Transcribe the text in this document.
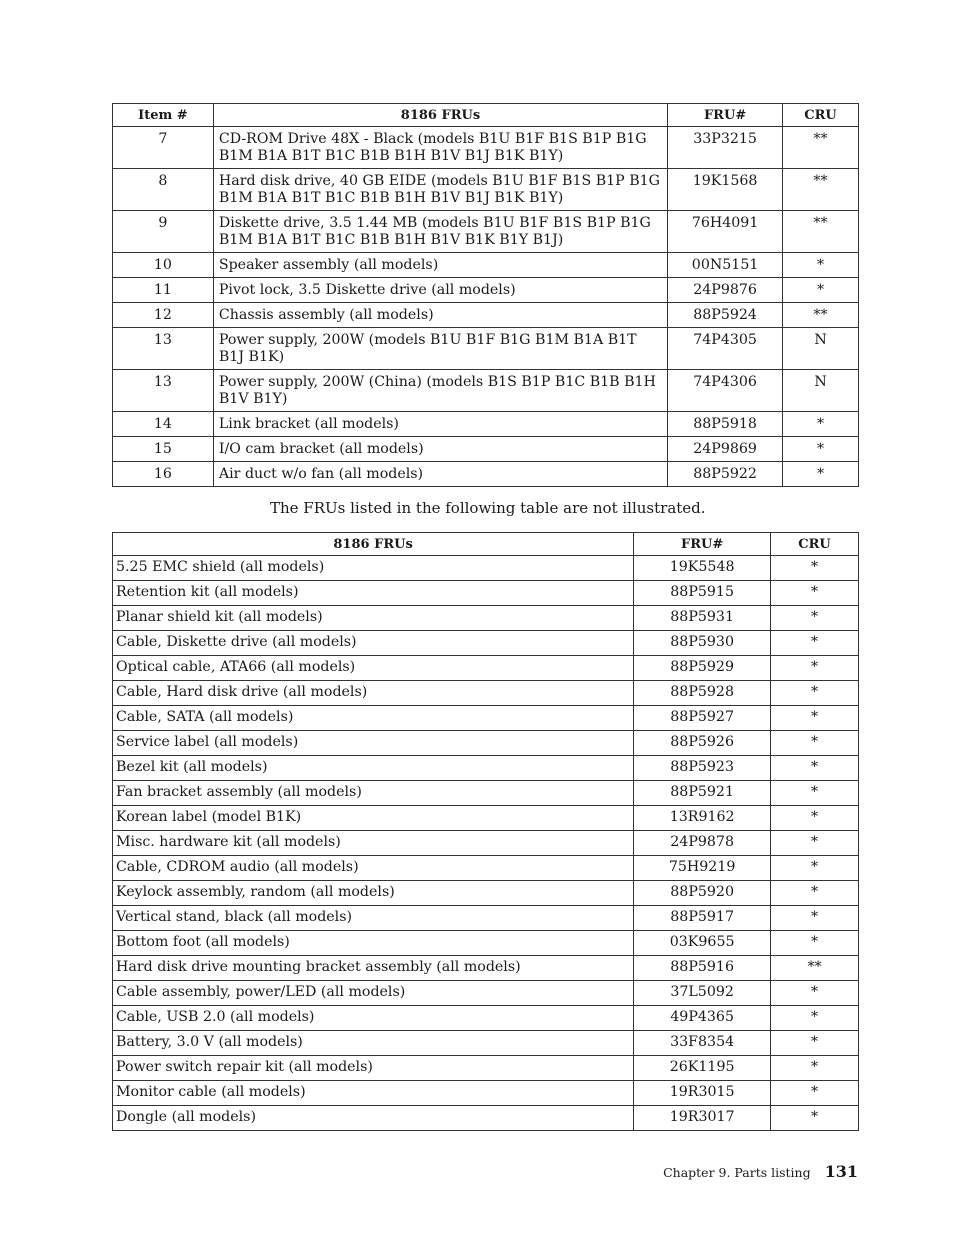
Item #	8186 FRUs	FRU#	CRU
7	CD-ROM Drive 48X - Black (models B1U B1F B1S B1P B1G B1M B1A B1T B1C B1B B1H B1V B1J B1K B1Y)	33P3215	**
8	Hard disk drive, 40 GB EIDE (models B1U B1F B1S B1P B1G B1M B1A B1T B1C B1B B1H B1V B1J B1K B1Y)	19K1568	**
9	Diskette drive, 3.5 1.44 MB (models B1U B1F B1S B1P B1G B1M B1A B1T B1C B1B B1H B1V B1K B1Y B1J)	76H4091	**
10	Speaker assembly (all models)	00N5151	*
11	Pivot lock, 3.5 Diskette drive (all models)	24P9876	*
12	Chassis assembly (all models)	88P5924	**
13	Power supply, 200W (models B1U B1F B1G B1M B1A B1T B1J B1K)	74P4305	N
13	Power supply, 200W (China) (models B1S B1P B1C B1B B1H B1V B1Y)	74P4306	N
14	Link bracket (all models)	88P5918	*
15	I/O cam bracket (all models)	24P9869	*
16	Air duct w/o fan (all models)	88P5922	*
The FRUs listed in the following table are not illustrated.
8186 FRUs	FRU#	CRU
5.25 EMC shield (all models)	19K5548	*
Retention kit (all models)	88P5915	*
Planar shield kit (all models)	88P5931	*
Cable, Diskette drive (all models)	88P5930	*
Optical cable, ATA66 (all models)	88P5929	*
Cable, Hard disk drive (all models)	88P5928	*
Cable, SATA (all models)	88P5927	*
Service label (all models)	88P5926	*
Bezel kit (all models)	88P5923	*
Fan bracket assembly (all models)	88P5921	*
Korean label (model B1K)	13R9162	*
Misc. hardware kit (all models)	24P9878	*
Cable, CDROM audio (all models)	75H9219	*
Keylock assembly, random (all models)	88P5920	*
Vertical stand, black (all models)	88P5917	*
Bottom foot (all models)	03K9655	*
Hard disk drive mounting bracket assembly (all models)	88P5916	**
Cable assembly, power/LED (all models)	37L5092	*
Cable, USB 2.0 (all models)	49P4365	*
Battery, 3.0 V (all models)	33F8354	*
Power switch repair kit (all models)	26K1195	*
Monitor cable (all models)	19R3015	*
Dongle (all models)	19R3017	*
Chapter 9. Parts listing 131
